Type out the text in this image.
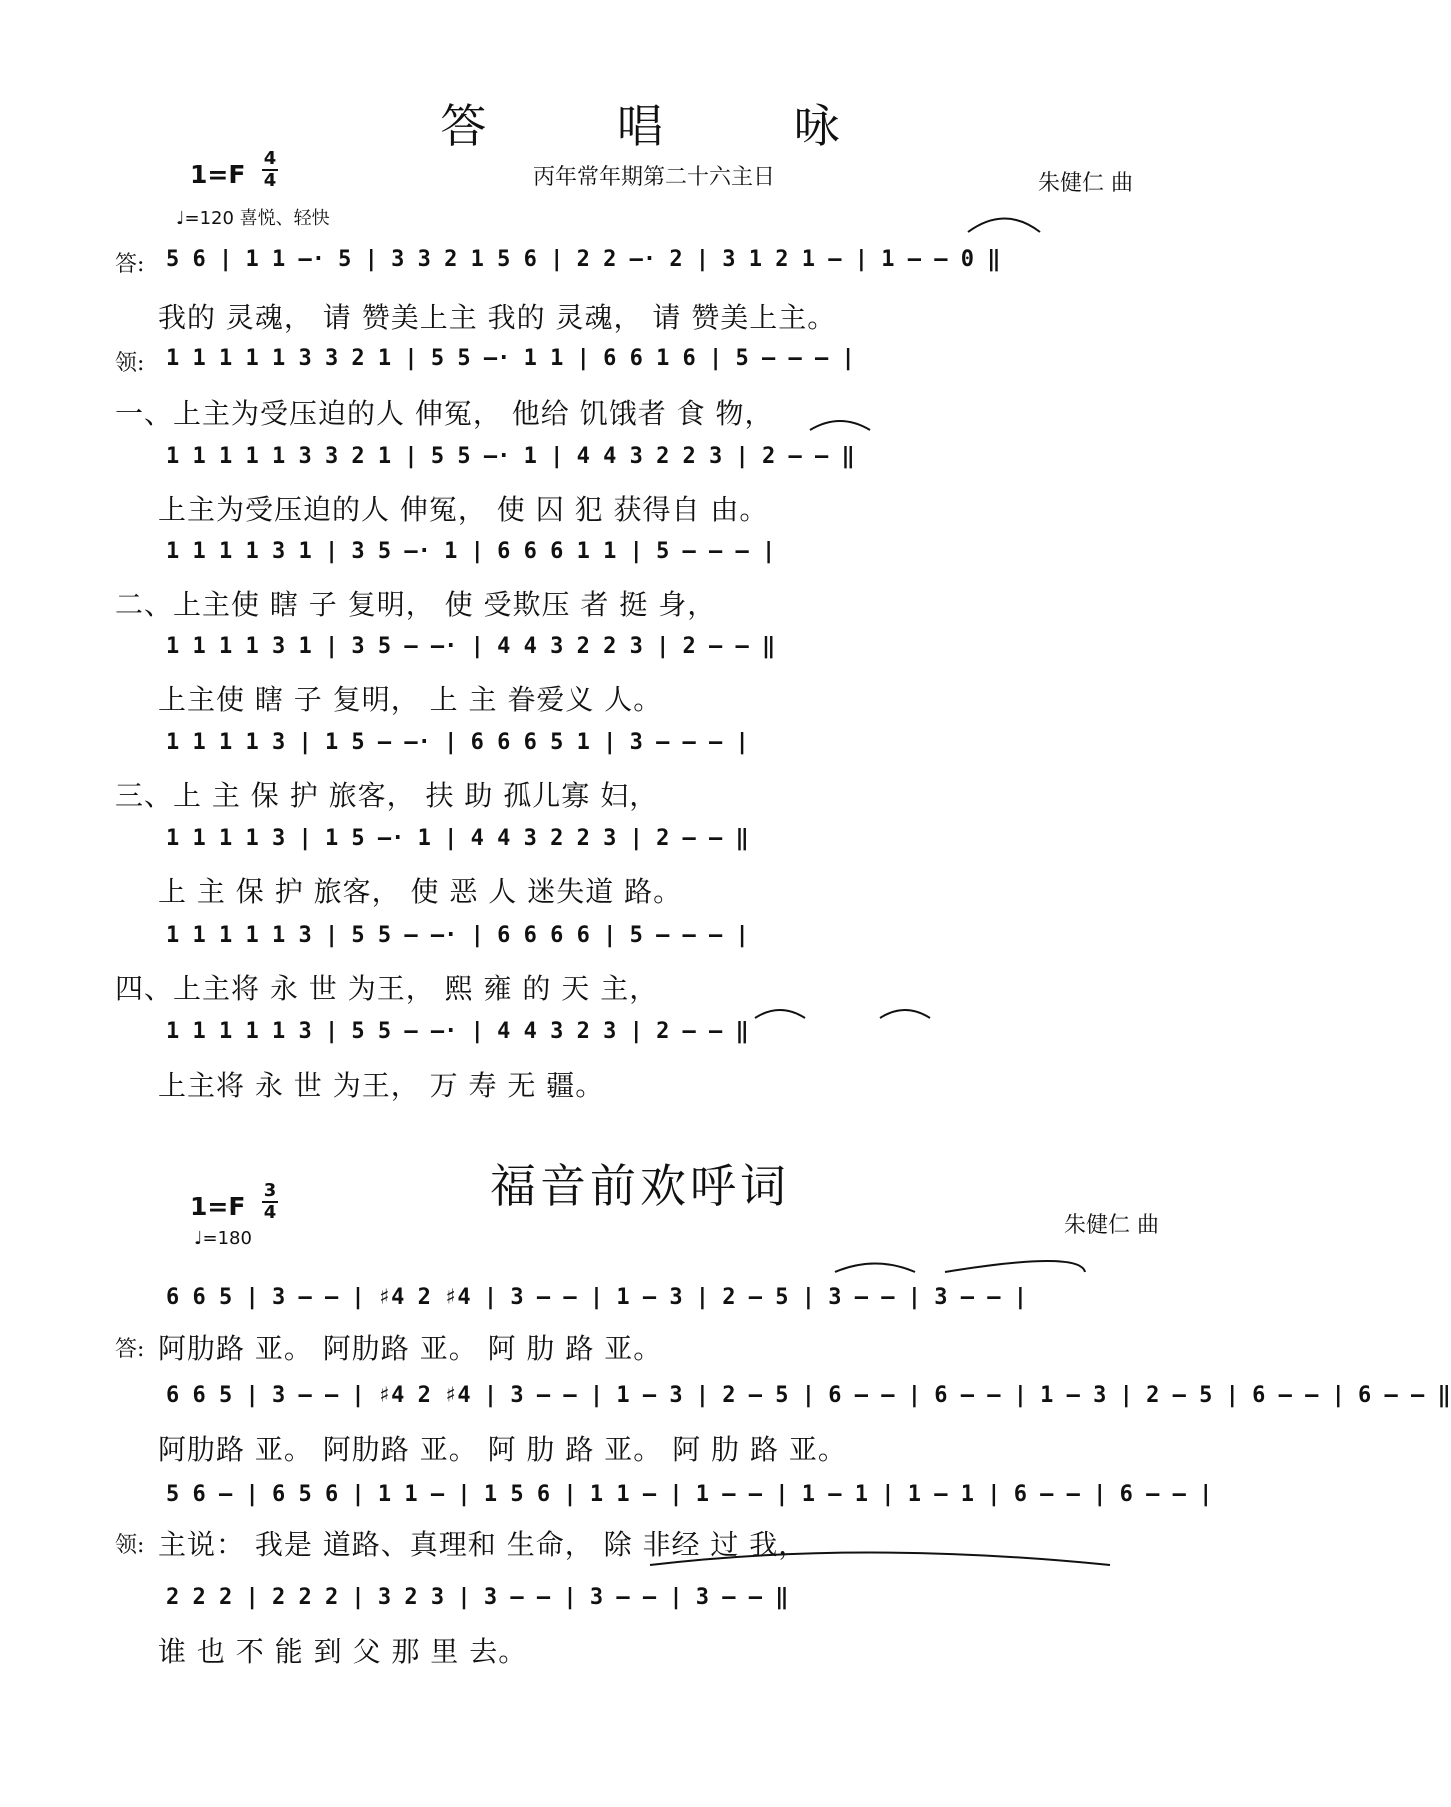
答 唱 咏
1=F
4
4
♩=120 喜悦、轻快
丙年常年期第二十六主日	朱健仁 曲
答: 5 6 | 1 1 –· 5 | 3 3 2 1 5 6 | 2 2 –· 2 | 3 1 2 1 – | 1 – – 0 ‖
我的 灵魂， 请 赞美上主 我的 灵魂， 请 赞美上主。
领: 1 1 1 1 1 3 3 2 1 | 5 5 –· 1 1 | 6 6 1 6 | 5 – – – |
一、上主为受压迫的人 伸冤， 他给 饥饿者 食 物，
1 1 1 1 1 3 3 2 1 | 5 5 –· 1 | 4 4 3 2 2 3 | 2 – – ‖
上主为受压迫的人 伸冤， 使 囚 犯 获得自 由。
1 1 1 1 3 1 | 3 5 –· 1 | 6 6 6 1 1 | 5 – – – |
二、上主使 瞎 子 复明， 使 受欺压 者 挺 身，
1 1 1 1 3 1 | 3 5 – –· | 4 4 3 2 2 3 | 2 – – ‖
上主使 瞎 子 复明， 上 主 眷爱义 人。
1 1 1 1 3 | 1 5 – –· | 6 6 6 5 1 | 3 – – – |
三、上 主 保 护 旅客， 扶 助 孤儿寡 妇，
1 1 1 1 3 | 1 5 –· 1 | 4 4 3 2 2 3 | 2 – – ‖
上 主 保 护 旅客， 使 恶 人 迷失道 路。
1 1 1 1 1 3 | 5 5 – –· | 6 6 6 6 | 5 – – – |
四、上主将 永 世 为王， 熙 雍 的 天 主，
1 1 1 1 1 3 | 5 5 – –· | 4 4 3 2 3 | 2 – – ‖
上主将 永 世 为王， 万 寿 无 疆。
福音前欢呼词
1=F
3
4
♩=180
朱健仁 曲
6 6 5 | 3 – – | ♯4 2 ♯4 | 3 – – | 1 – 3 | 2 – 5 | 3 – – | 3 – – |
答: 阿肋路 亚。 阿肋路 亚。 阿 肋 路 亚。
6 6 5 | 3 – – | ♯4 2 ♯4 | 3 – – | 1 – 3 | 2 – 5 | 6 – – | 6 – – | 1 – 3 | 2 – 5 | 6 – – | 6 – – ‖
阿肋路 亚。 阿肋路 亚。 阿 肋 路 亚。 阿 肋 路 亚。
5 6 – | 6 5 6 | 1 1 – | 1 5 6 | 1 1 – | 1 – – | 1 – 1 | 1 – 1 | 6 – – | 6 – – |
领: 主说： 我是 道路、真理和 生命， 除 非经 过 我，
2 2 2 | 2 2 2 | 3 2 3 | 3 – – | 3 – – | 3 – – ‖
谁 也 不 能 到 父 那 里 去。
